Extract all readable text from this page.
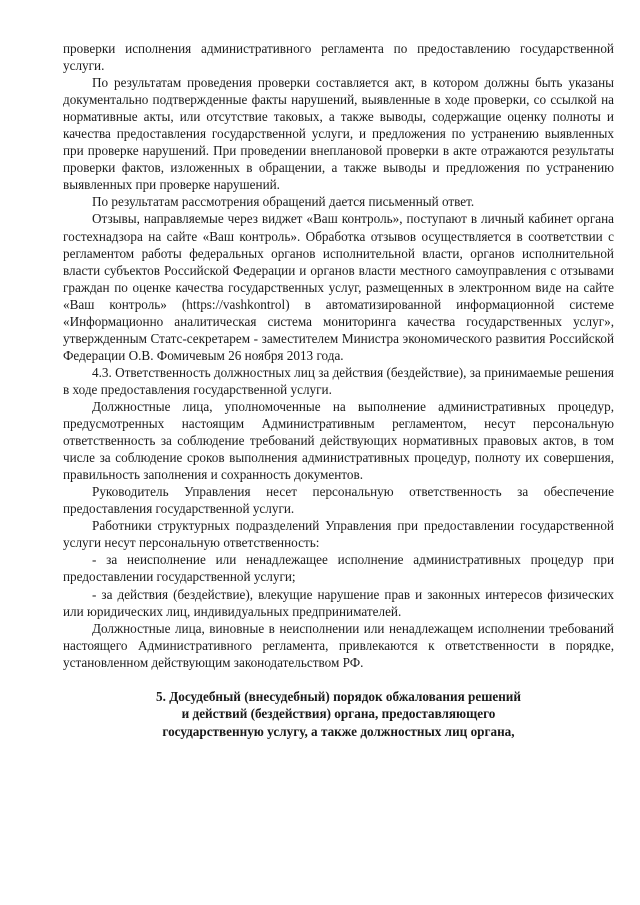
проверки исполнения административного регламента по предоставлению государственной услуги.

По результатам проведения проверки составляется акт, в котором должны быть указаны документально подтвержденные факты нарушений, выявленные в ходе проверки, со ссылкой на нормативные акты, или отсутствие таковых, а также выводы, содержащие оценку полноты и качества предоставления государственной услуги, и предложения по устранению выявленных при проверке нарушений. При проведении внеплановой проверки в акте отражаются результаты проверки фактов, изложенных в обращении, а также выводы и предложения по устранению выявленных при проверке нарушений.

По результатам рассмотрения обращений дается письменный ответ.

Отзывы, направляемые через виджет «Ваш контроль», поступают в личный кабинет органа гостехнадзора на сайте «Ваш контроль». Обработка отзывов осуществляется в соответствии с регламентом работы федеральных органов исполнительной власти, органов исполнительной власти субъектов Российской Федерации и органов власти местного самоуправления с отзывами граждан по оценке качества государственных услуг, размещенных в электронном виде на сайте «Ваш контроль» (https://vashkontrol) в автоматизированной информационной системе «Информационно аналитическая система мониторинга качества государственных услуг», утвержденным Статс-секретарем - заместителем Министра экономического развития Российской Федерации О.В. Фомичевым 26 ноября 2013 года.

4.3. Ответственность должностных лиц за действия (бездействие), за принимаемые решения в ходе предоставления государственной услуги.

Должностные лица, уполномоченные на выполнение административных процедур, предусмотренных настоящим Административным регламентом, несут персональную ответственность за соблюдение требований действующих нормативных правовых актов, в том числе за соблюдение сроков выполнения административных процедур, полноту их совершения, правильность заполнения и сохранность документов.

Руководитель Управления несет персональную ответственность за обеспечение предоставления государственной услуги.

Работники структурных подразделений Управления при предоставлении государственной услуги несут персональную ответственность:

- за неисполнение или ненадлежащее исполнение административных процедур при предоставлении государственной услуги;

- за действия (бездействие), влекущие нарушение прав и законных интересов физических или юридических лиц, индивидуальных предпринимателей.

Должностные лица, виновные в неисполнении или ненадлежащем исполнении требований настоящего Административного регламента, привлекаются к ответственности в порядке, установленном действующим законодательством РФ.

5. Досудебный (внесудебный) порядок обжалования решений
и действий (бездействия) органа, предоставляющего
государственную услугу, а также должностных лиц органа,
